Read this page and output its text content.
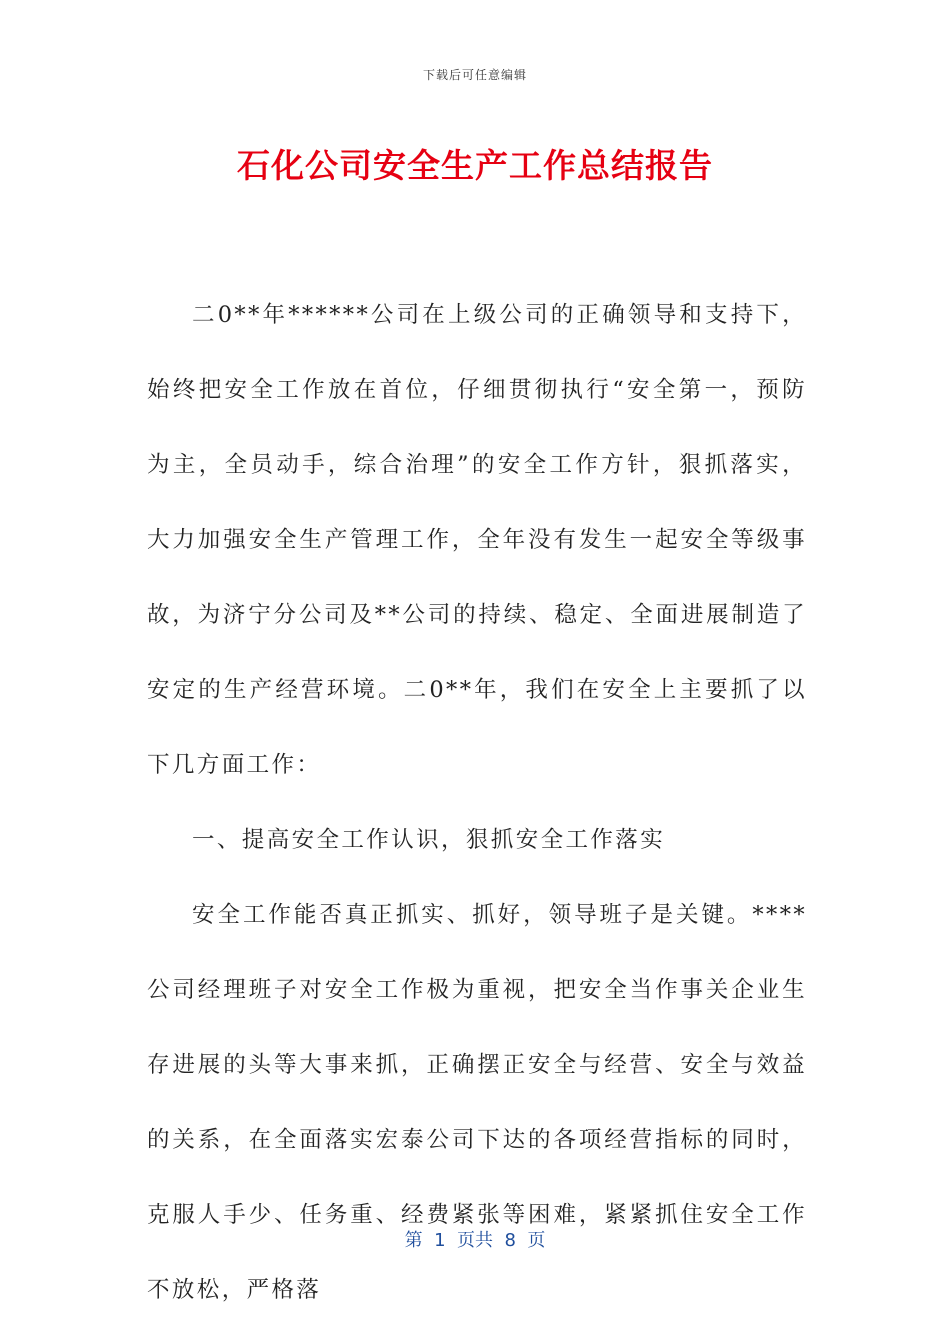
下载后可任意编辑
石化公司安全生产工作总结报告

二0**年******公司在上级公司的正确领导和支持下，始终把安全工作放在首位，仔细贯彻执行“安全第一，预防为主，全员动手，综合治理”的安全工作方针，狠抓落实，大力加强安全生产管理工作，全年没有发生一起安全等级事故，为济宁分公司及**公司的持续、稳定、全面进展制造了安定的生产经营环境。二0**年，我们在安全上主要抓了以下几方面工作：

一、提高安全工作认识，狠抓安全工作落实

安全工作能否真正抓实、抓好，领导班子是关键。****公司经理班子对安全工作极为重视，把安全当作事关企业生存进展的头等大事来抓，正确摆正安全与经营、安全与效益的关系，在全面落实宏泰公司下达的各项经营指标的同时，克服人手少、任务重、经费紧张等困难，紧紧抓住安全工作不放松，严格落

第  1  页共  8  页
